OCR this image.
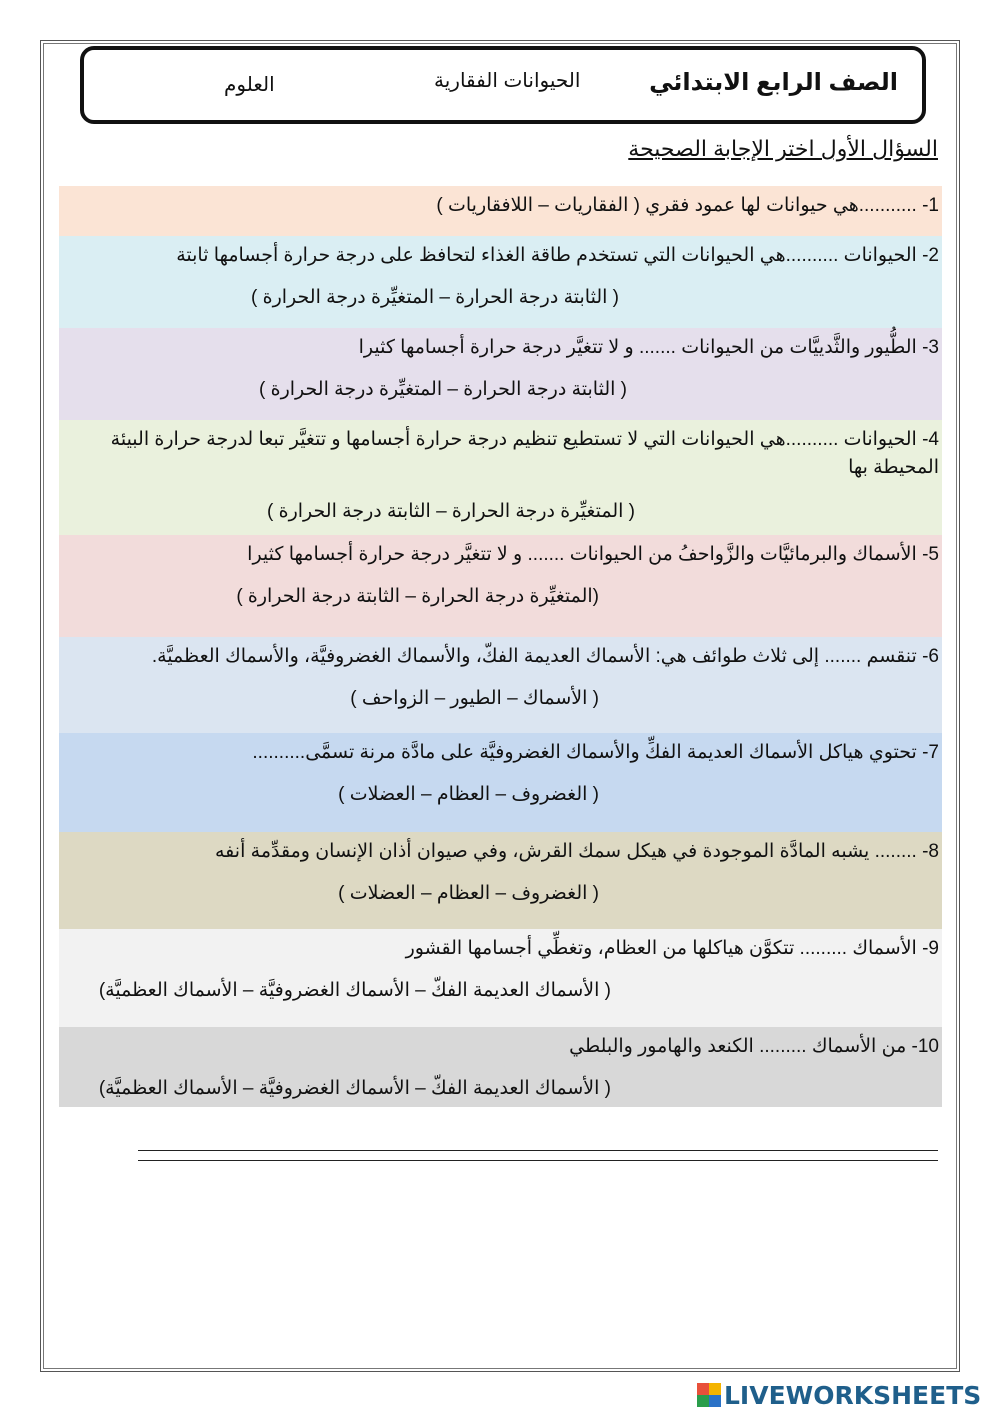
الصف الرابع الابتدائي
الحيوانات الفقارية
العلوم
السؤال الأول اختر الإجابة الصحيحة
1- ...........هي حيوانات لها عمود فقري ( الفقاريات – اللافقاريات )
2- الحيوانات ..........هي الحيوانات التي تستخدم طاقة الغذاء لتحافظ على درجة حرارة أجسامها ثابتة
( الثابتة درجة الحرارة – المتغيِّرة درجة الحرارة )
3- الطُّيور والثَّدييَّات من الحيوانات ....... و لا تتغيَّر درجة حرارة أجسامها كثيرا
( الثابتة درجة الحرارة – المتغيِّرة درجة الحرارة )
4- الحيوانات ..........هي الحيوانات التي لا تستطيع تنظيم درجة حرارة أجسامها و تتغيَّر تبعا لدرجة حرارة البيئة المحيطة بها
( المتغيِّرة درجة الحرارة – الثابتة درجة الحرارة )
5- الأسماك والبرمائيَّات والزَّواحفُ من الحيوانات ....... و لا تتغيَّر درجة حرارة أجسامها كثيرا
(المتغيِّرة درجة الحرارة – الثابتة درجة الحرارة )
6- تنقسم ....... إلى ثلاث طوائف هي: الأسماك العديمة الفكّ، والأسماك الغضروفيَّة، والأسماك العظميَّة.
( الأسماك – الطيور – الزواحف )
7- تحتوي هياكل الأسماك العديمة الفكِّ والأسماك الغضروفيَّة على مادَّة مرنة تسمَّى..........
( الغضروف – العظام – العضلات )
8- ........ يشبه المادَّة الموجودة في هيكل سمك القرش، وفي صيوان أذان الإنسان ومقدِّمة أنفه
( الغضروف – العظام – العضلات )
9- الأسماك ......... تتكوَّن هياكلها من العظام، وتغطِّي أجسامها القشور
( الأسماك العديمة الفكّ – الأسماك الغضروفيَّة – الأسماك العظميَّة)
10- من الأسماك ......... الكنعد والهامور والبلطي
( الأسماك العديمة الفكّ – الأسماك الغضروفيَّة – الأسماك العظميَّة)
LIVEWORKSHEETS
